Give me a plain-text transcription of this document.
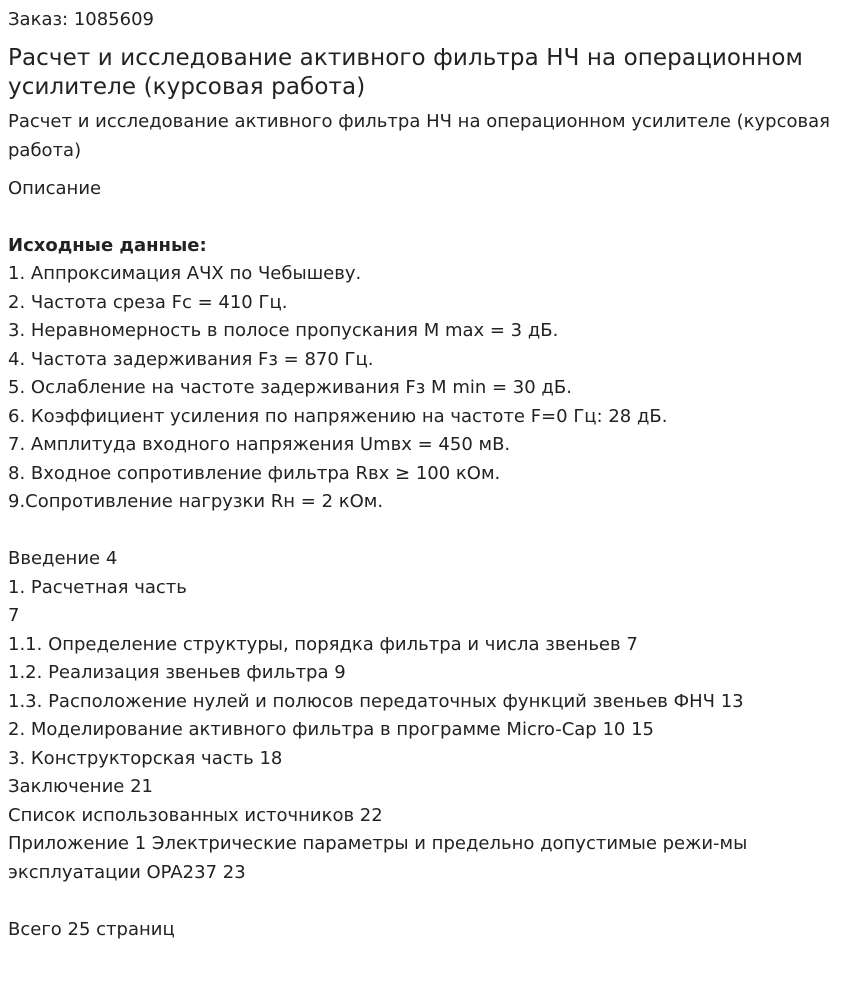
Заказ: 1085609
Расчет и исследование активного фильтра НЧ на операционном усилителе (курсовая работа)
Расчет и исследование активного фильтра НЧ на операционном усилителе (курсовая работа)
Описание
Исходные данные:
1. Аппроксимация АЧХ по Чебышеву.
2. Частота среза Fс = 410 Гц.
3. Неравномерность в полосе пропускания M max = 3 дБ.
4. Частота задерживания Fз = 870 Гц.
5. Ослабление на частоте задерживания Fз M min = 30 дБ.
6. Коэффициент усиления по напряжению на частоте F=0 Гц: 28 дБ.
7. Амплитуда входного напряжения Umвх = 450 мВ.
8. Входное сопротивление фильтра Rвх ≥ 100 кОм.
9.Сопротивление нагрузки Rн = 2 кОм.
Введение 4
1. Расчетная часть
7
1.1. Определение структуры, порядка фильтра и числа звеньев 7
1.2. Реализация звеньев фильтра 9
1.3. Расположение нулей и полюсов передаточных функций звеньев ФНЧ 13
2. Моделирование активного фильтра в программе Micro-Cap 10 15
3. Конструкторская часть 18
Заключение 21
Список использованных источников 22
Приложение 1 Электрические параметры и предельно допустимые режи-мы эксплуатации OPA237 23
Всего 25 страниц
